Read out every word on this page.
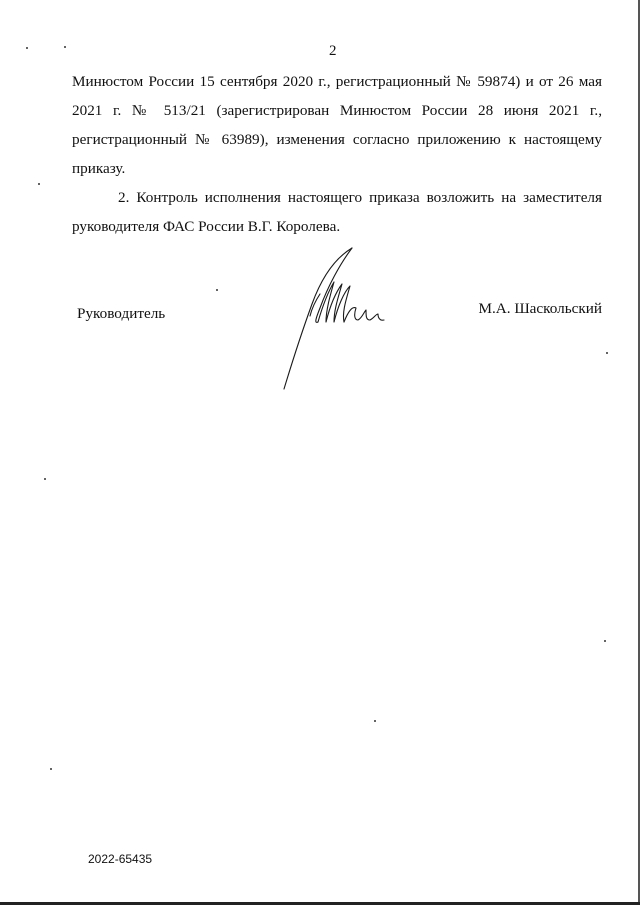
2

Минюстом России 15 сентября 2020 г., регистрационный № 59874) и от 26 мая 2021 г. № 513/21 (зарегистрирован Минюстом России 28 июня 2021 г., регистрационный № 63989), изменения согласно приложению к настоящему приказу.

2. Контроль исполнения настоящего приказа возложить на заместителя руководителя ФАС России В.Г. Королева.

Руководитель	М.А. Шаскольский
2022-65435
